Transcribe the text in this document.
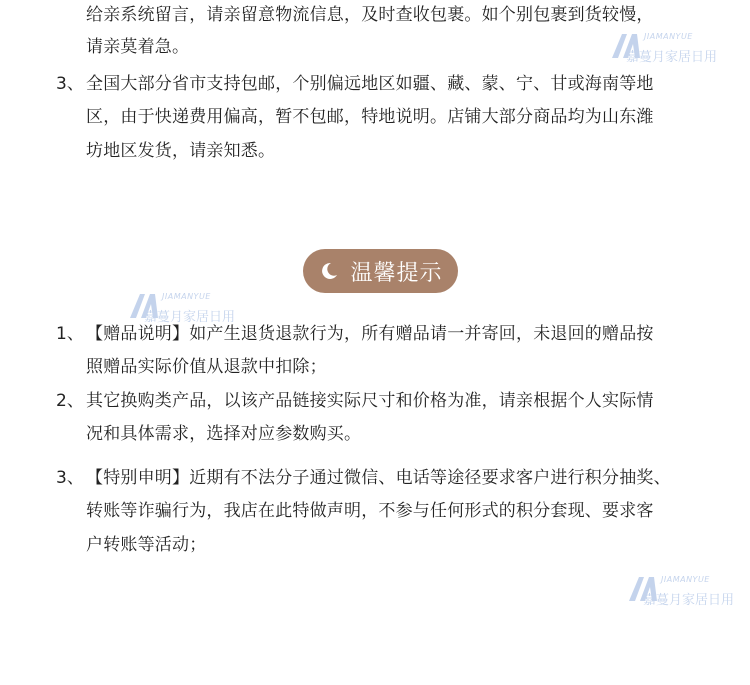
给亲系统留言，请亲留意物流信息，及时查收包裹。如个别包裹到货较慢，
请亲莫着急。
3、 全国大部分省市支持包邮，个别偏远地区如疆、藏、蒙、宁、甘或海南等地
区，由于快递费用偏高，暂不包邮，特地说明。店铺大部分商品均为山东潍
坊地区发货，请亲知悉。
温馨提示
1、 【赠品说明】如产生退货退款行为，所有赠品请一并寄回，未退回的赠品按
照赠品实际价值从退款中扣除；
2、 其它换购类产品，以该产品链接实际尺寸和价格为准，请亲根据个人实际情
况和具体需求，选择对应参数购买。
3、 【特别申明】近期有不法分子通过微信、电话等途径要求客户进行积分抽奖、
转账等诈骗行为，我店在此特做声明，不参与任何形式的积分套现、要求客
户转账等活动；
JIAMANYUE
嘉蔓月家居日用
JIAMANYUE
嘉蔓月家居日用
JIAMANYUE
嘉蔓月家居日用
